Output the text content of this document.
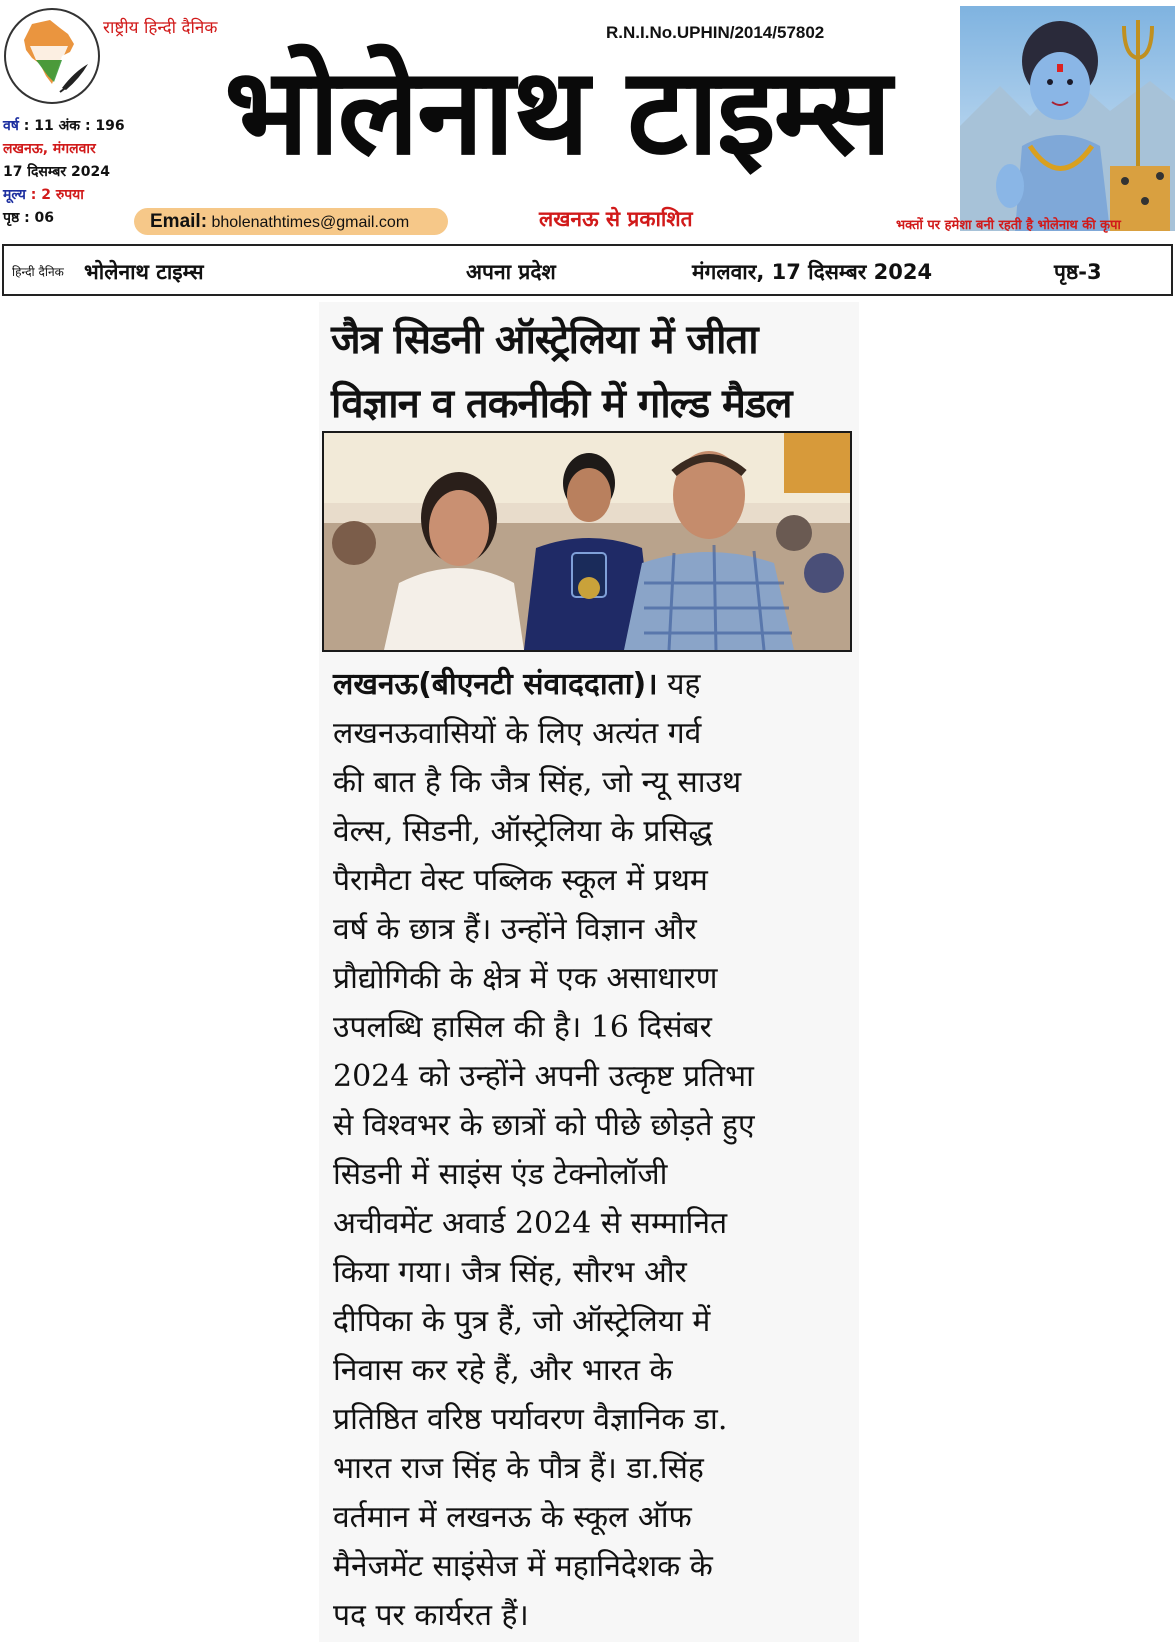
राष्ट्रीय हिन्दी दैनिक
वर्ष : 11 अंक : 196
लखनऊ, मंगलवार
17 दिसम्बर 2024
मूल्य : 2 रुपया
पृष्ठ : 06
R.N.I.No.UPHIN/2014/57802
भोलेनाथ टाइम्स
Email: bholenathtimes@gmail.com	लखनऊ से प्रकाशित	भक्तों पर हमेशा बनी रहती है भोलेनाथ की कृपा
हिन्दी दैनिक भोलेनाथ टाइम्स	अपना प्रदेश	मंगलवार, 17 दिसम्बर 2024	पृष्ठ-3
जैत्र सिडनी ऑस्ट्रेलिया में जीता
विज्ञान व तकनीकी में गोल्ड मैडल
लखनऊ(बीएनटी संवाददाता)। यह
लखनऊवासियों के लिए अत्यंत गर्व
की बात है कि जैत्र सिंह, जो न्यू साउथ
वेल्स, सिडनी, ऑस्ट्रेलिया के प्रसिद्ध
पैरामैटा वेस्ट पब्लिक स्कूल में प्रथम
वर्ष के छात्र हैं। उन्होंने विज्ञान और
प्रौद्योगिकी के क्षेत्र में एक असाधारण
उपलब्धि हासिल की है। 16 दिसंबर
2024 को उन्होंने अपनी उत्कृष्ट प्रतिभा
से विश्वभर के छात्रों को पीछे छोड़ते हुए
सिडनी में साइंस एंड टेक्नोलॉजी
अचीवमेंट अवार्ड 2024 से सम्मानित
किया गया। जैत्र सिंह, सौरभ और
दीपिका के पुत्र हैं, जो ऑस्ट्रेलिया में
निवास कर रहे हैं, और भारत के
प्रतिष्ठित वरिष्ठ पर्यावरण वैज्ञानिक डा.
भारत राज सिंह के पौत्र हैं। डा.सिंह
वर्तमान में लखनऊ के स्कूल ऑफ
मैनेजमेंट साइंसेज में महानिदेशक के
पद पर कार्यरत हैं।
